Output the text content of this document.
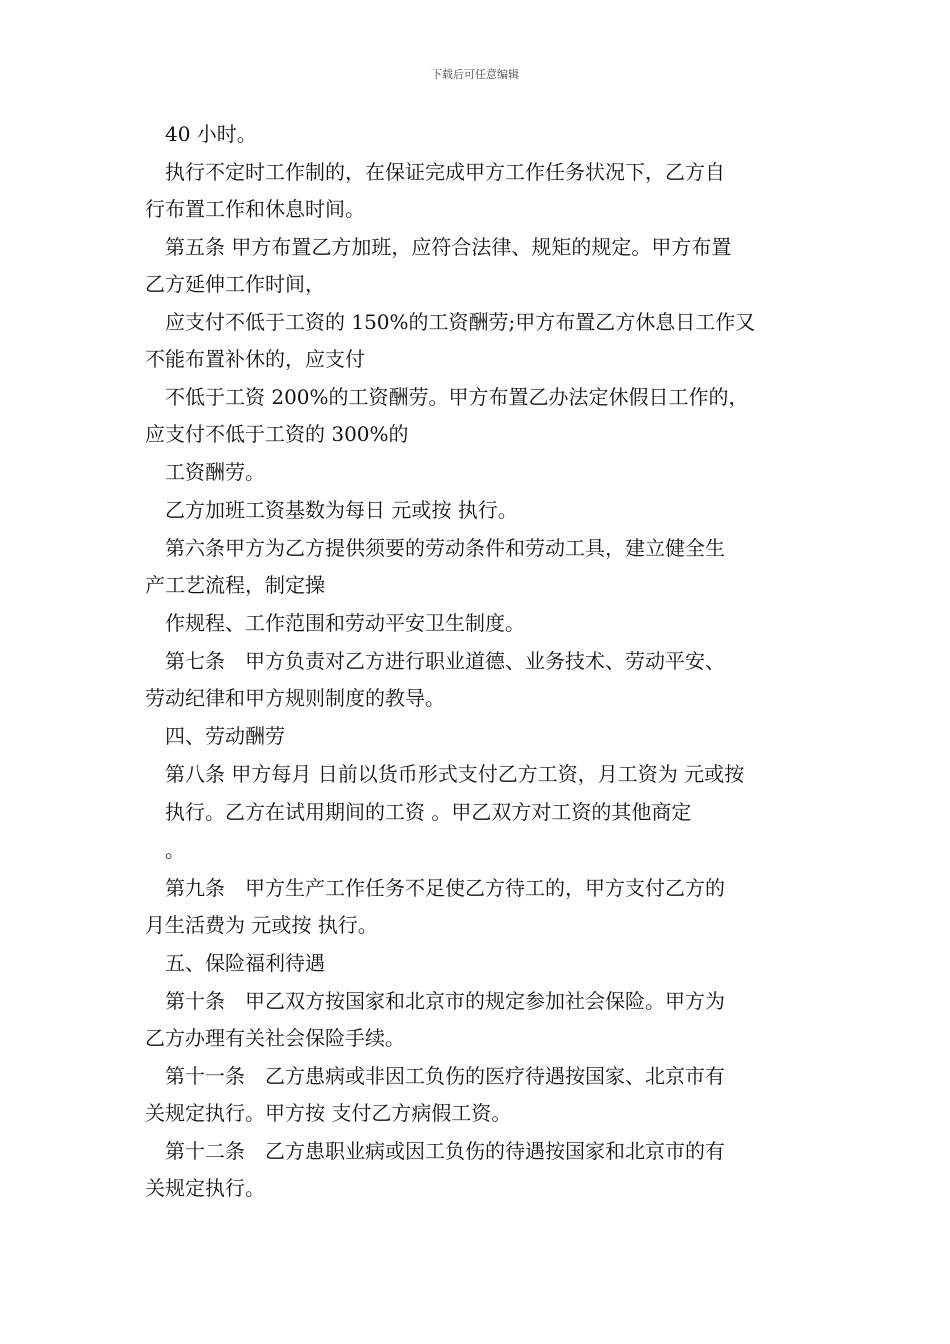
下载后可任意编辑

　40 小时。

　执行不定时工作制的，在保证完成甲方工作任务状况下，乙方自

行布置工作和休息时间。

　第五条 甲方布置乙方加班，应符合法律、规矩的规定。甲方布置

乙方延伸工作时间，

　应支付不低于工资的 150%的工资酬劳;甲方布置乙方休息日工作又

不能布置补休的，应支付

　不低于工资 200%的工资酬劳。甲方布置乙办法定休假日工作的，

应支付不低于工资的 300%的

　工资酬劳。

　乙方加班工资基数为每日 元或按 执行。

　第六条甲方为乙方提供须要的劳动条件和劳动工具，建立健全生

产工艺流程，制定操

　作规程、工作范围和劳动平安卫生制度。

　第七条　甲方负责对乙方进行职业道德、业务技术、劳动平安、

劳动纪律和甲方规则制度的教导。

　四、劳动酬劳

　第八条 甲方每月 日前以货币形式支付乙方工资，月工资为 元或按

　执行。乙方在试用期间的工资 。甲乙双方对工资的其他商定

　。

　第九条　甲方生产工作任务不足使乙方待工的，甲方支付乙方的

月生活费为 元或按 执行。

　五、保险福利待遇

　第十条　甲乙双方按国家和北京市的规定参加社会保险。甲方为

乙方办理有关社会保险手续。

　第十一条　乙方患病或非因工负伤的医疗待遇按国家、北京市有

关规定执行。甲方按 支付乙方病假工资。

　第十二条　乙方患职业病或因工负伤的待遇按国家和北京市的有

关规定执行。
